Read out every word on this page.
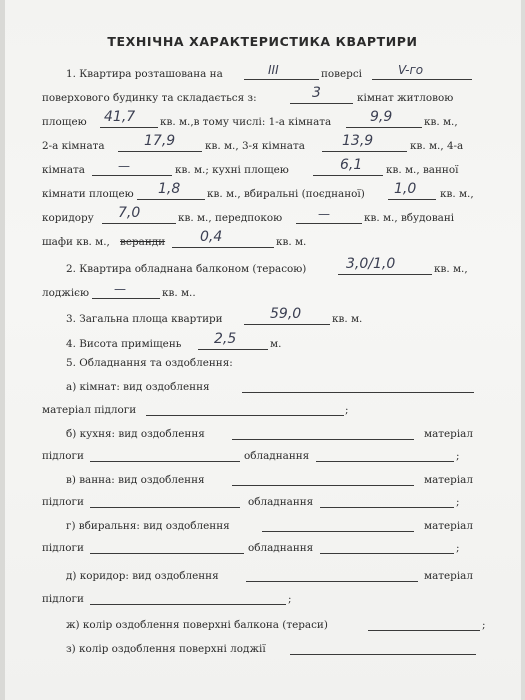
ТЕХНІЧНА ХАРАКТЕРИСТИКА КВАРТИРИ
1. Квартира розташована на	III	поверсі	V-го
поверхового будинку та складається з:	3	кімнат житловою
площею 41,7 кв. м.,в тому числі: 1-а кімната	9,9	кв. м.,
2-а кімната	17,9	кв. м., 3-я кімната	13,9	кв. м., 4-а
кімната	—	кв. м.; кухні площею	6,1 кв. м., ванної
кімнати площею 1,8	кв. м., вбиральні (поєднаної) 1,0 кв. м.,
коридору 7,0	кв. м., передпокою	—	кв. м., вбудовані
шафи кв. м., веранди 0,4	кв. м.
2. Квартира обладнана балконом (терасою)	3,0/1,0	кв. м.,
лоджією —	кв. м..
3. Загальна площа квартири	59,0	кв. м.
4. Висота приміщень 2,5	м.
5. Обладнання та оздоблення:
а) кімнат: вид оздоблення
матеріал підлоги	;
б) кухня: вид оздоблення	матеріал
підлоги	обладнання	;
в) ванна: вид оздоблення	матеріал
підлоги	обладнання	;
г) вбиральня: вид оздоблення	матеріал
підлоги	обладнання	;
д) коридор: вид оздоблення	матеріал
підлоги	;
ж) колір оздоблення поверхні балкона (тераси)	;
з) колір оздоблення поверхні лоджії
